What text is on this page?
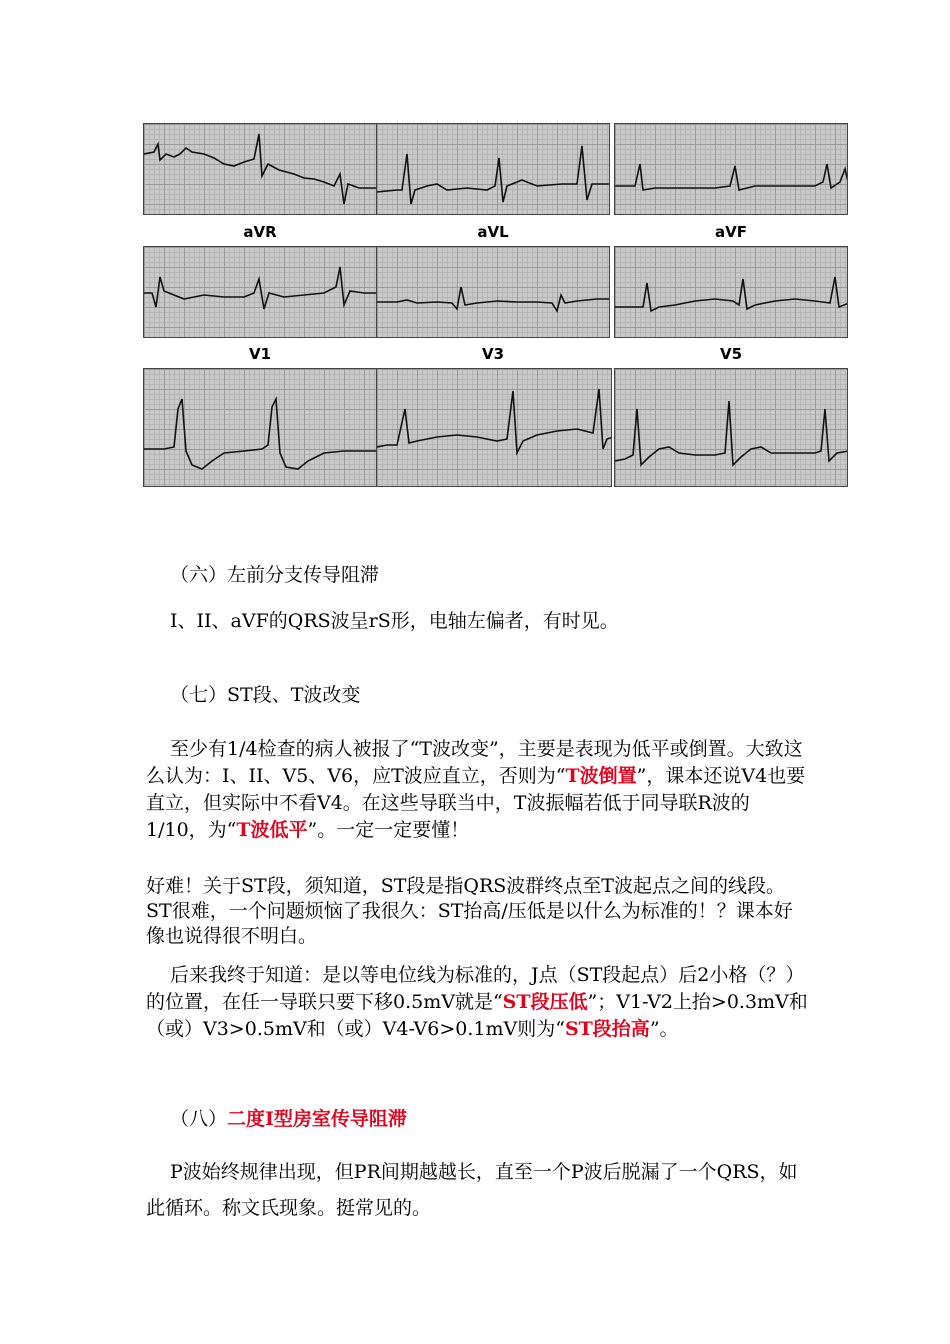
aVR	aVL	aVF
V1	V3	V5

（六）左前分支传导阻滞

I、II、aVF的QRS波呈rS形，电轴左偏者，有时见。

（七）ST段、T波改变

至少有1/4检查的病人被报了“T波改变”，主要是表现为低平或倒置。大致这么认为：I、II、V5、V6，应T波应直立，否则为“T波倒置”，课本还说V4也要直立，但实际中不看V4。在这些导联当中，T波振幅若低于同导联R波的1/10，为“T波低平”。一定一定要懂！

好难！关于ST段，须知道，ST段是指QRS波群终点至T波起点之间的线段。ST很难，一个问题烦恼了我很久：ST抬高/压低是以什么为标准的！？课本好像也说得很不明白。

后来我终于知道：是以等电位线为标准的，J点（ST段起点）后2小格（？）的位置，在任一导联只要下移0.5mV就是“ST段压低”；V1-V2上抬>0.3mV和（或）V3>0.5mV和（或）V4-V6>0.1mV则为“ST段抬高”。

（八）二度I型房室传导阻滞

P波始终规律出现，但PR间期越越长，直至一个P波后脱漏了一个QRS，如此循环。称文氏现象。挺常见的。
